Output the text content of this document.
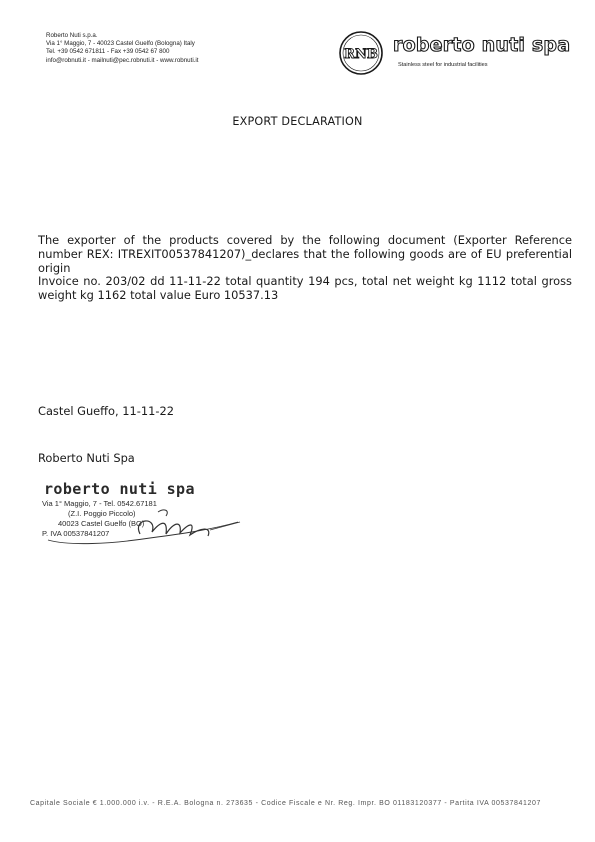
Roberto Nuti s.p.a.
Via 1° Maggio, 7 - 40023 Castel Guelfo (Bologna) Italy
Tel. +39 0542 671811 - Fax +39 0542 67 800
info@robnuti.it - mailnuti@pec.robnuti.it - www.robnuti.it	RNB roberto nuti spa
Stainless steel for industrial facilities
EXPORT DECLARATION

The exporter of the products covered by the following document (Exporter Reference number REX: ITREXIT00537841207)_declares that the following goods are of EU preferential origin

Invoice no. 203/02 dd 11-11-22 total quantity 194 pcs, total net weight kg 1112 total gross weight kg 1162 total value Euro 10537.13

Castel Gueffo, 11-11-22
Roberto Nuti Spa
roberto nuti spa
Via 1° Maggio, 7 - Tel. 0542.67181
(Z.I. Poggio Piccolo)
40023 Castel Guelfo (BO)
P. IVA 00537841207
Capitale Sociale € 1.000.000 i.v. - R.E.A. Bologna n. 273635 - Codice Fiscale e Nr. Reg. Impr. BO 01183120377 - Partita IVA 00537841207
